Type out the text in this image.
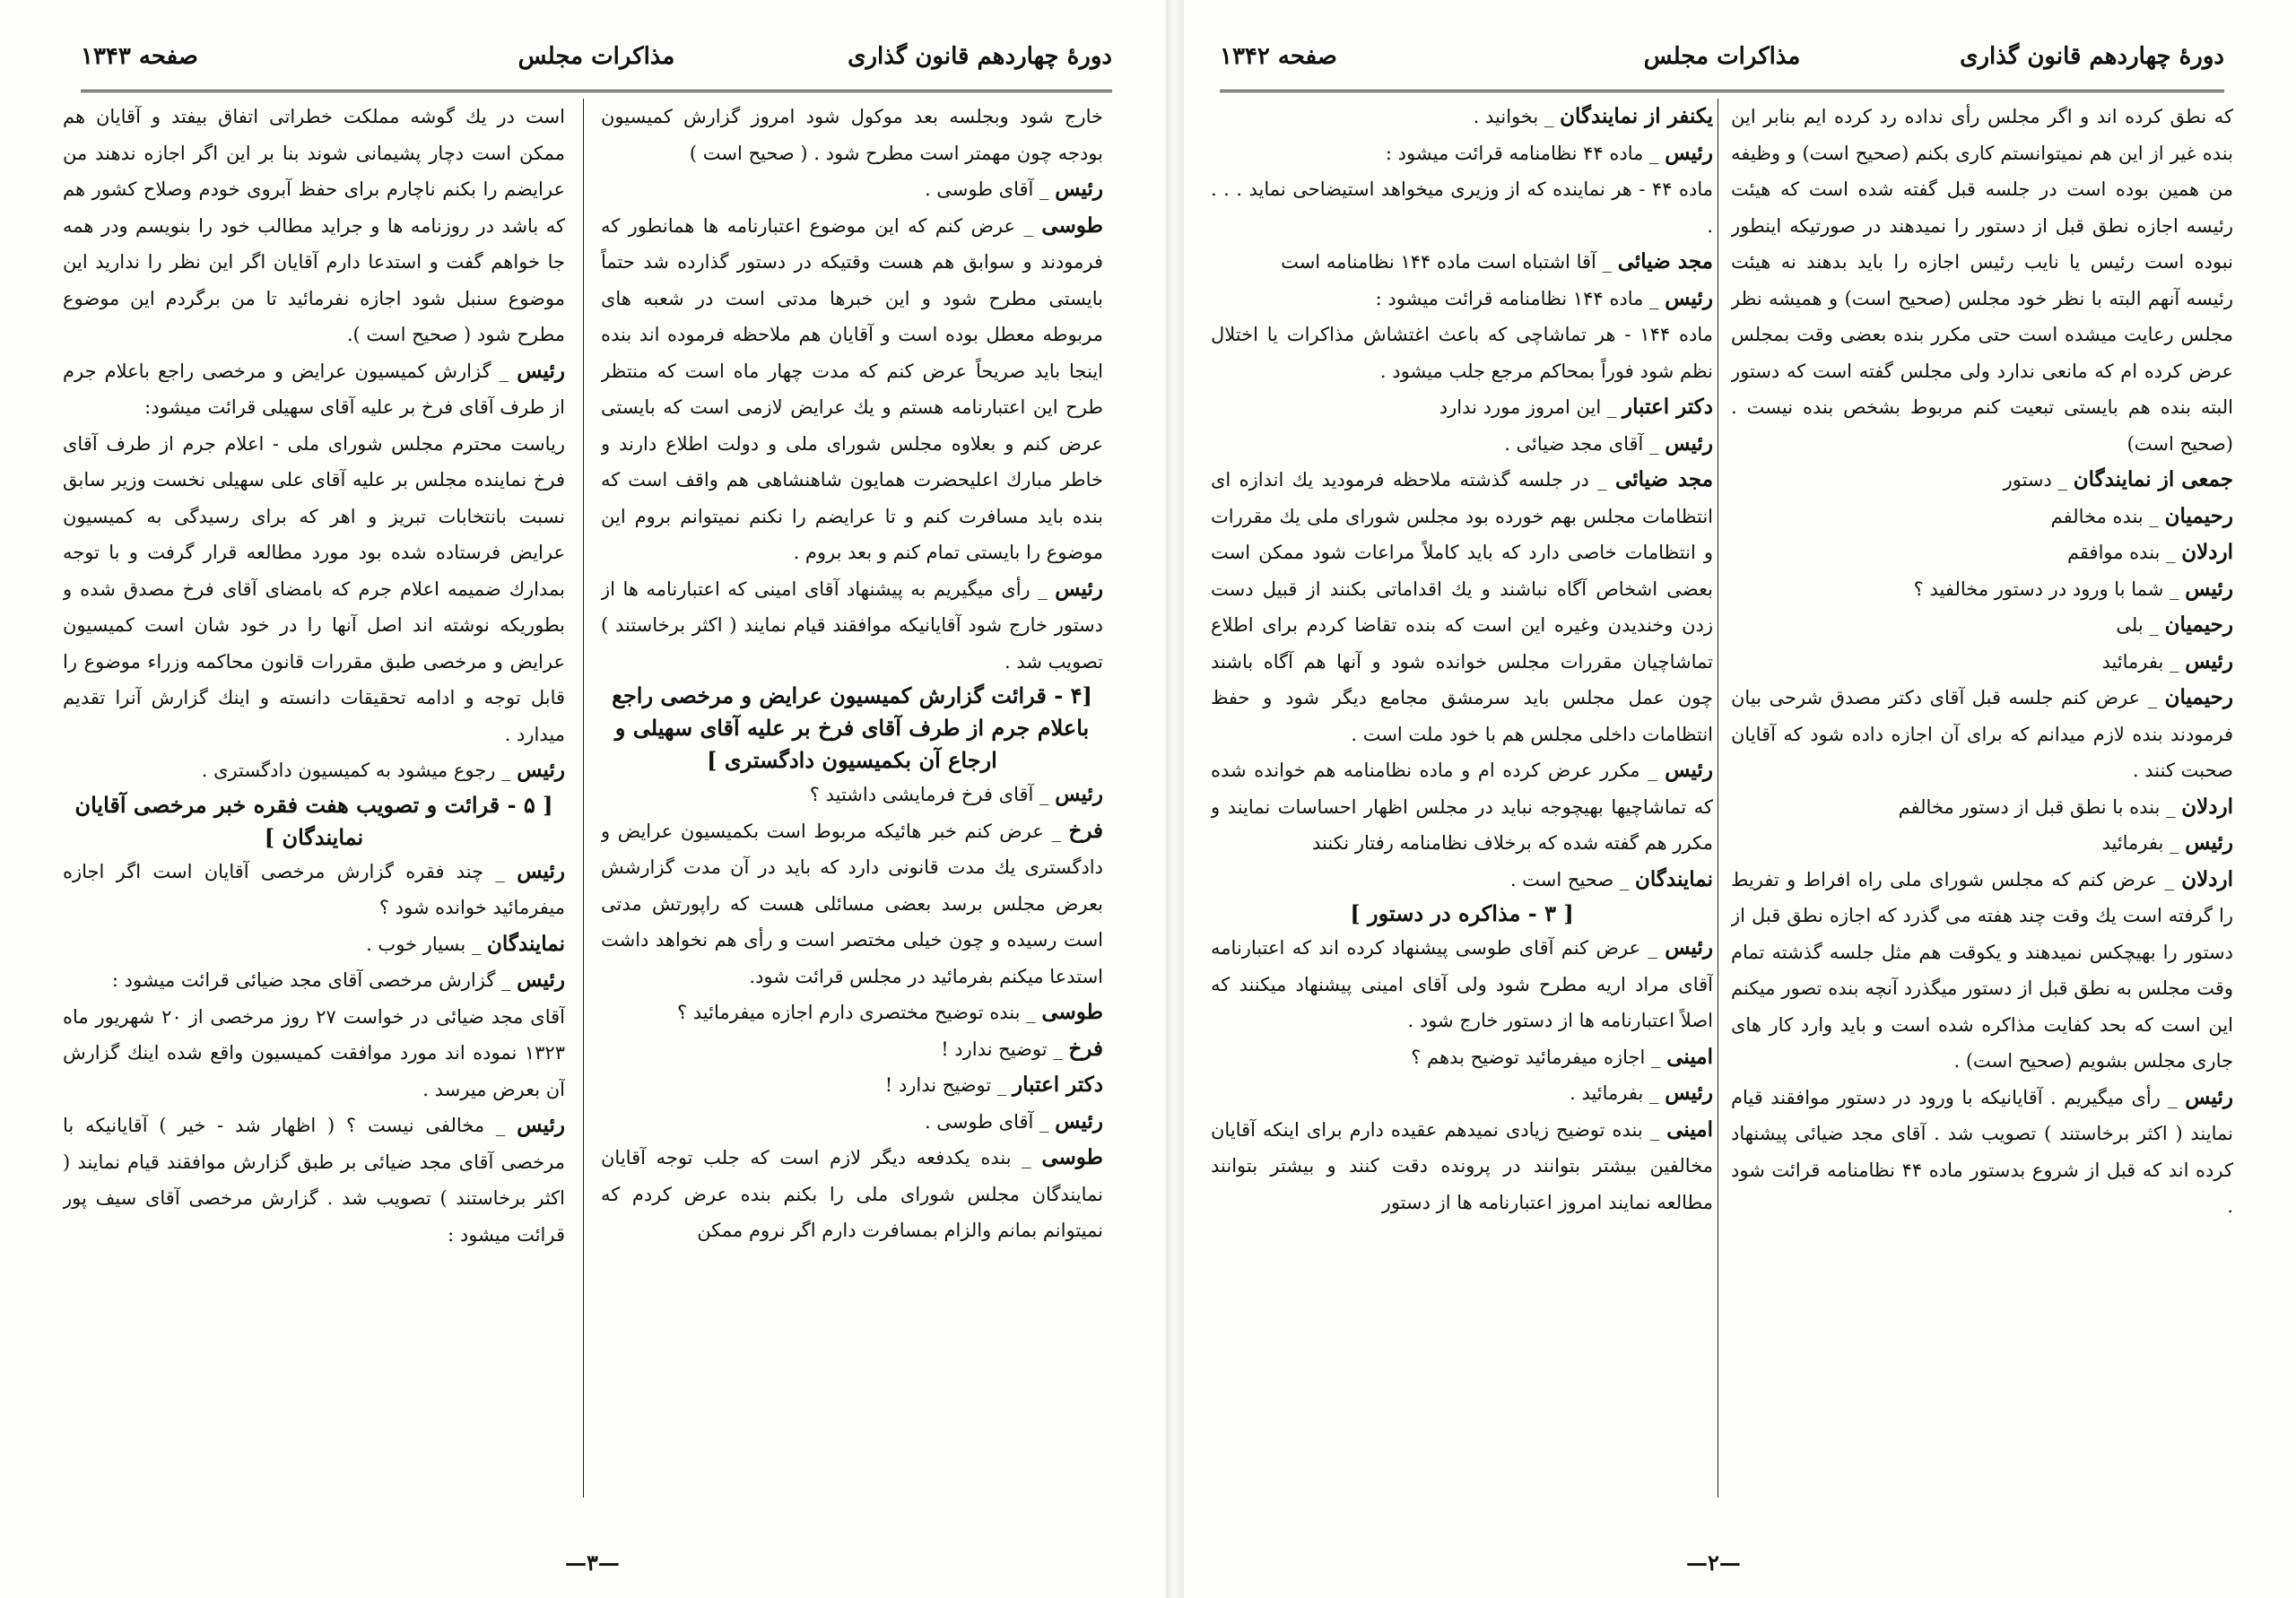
دورهٔ چهاردهم قانون گذاری
مذاکرات مجلس
صفحه ۱۳۴۳

خارج شود وبجلسه بعد موکول شود امروز گزارش کمیسیون بودجه چون مهمتر است مطرح شود . ( صحیح است )

رئیس _ آقای طوسی .

طوسی _ عرض کنم که این موضوع اعتبارنامه ها همانطور که فرمودند و سوابق هم هست وقتیکه در دستور گذارده شد حتماً بایستی مطرح شود و این خبرها مدتی است در شعبه های مربوطه معطل بوده است و آقایان هم ملاحظه فرموده اند بنده اینجا باید صریحاً عرض کنم که مدت چهار ماه است که منتظر طرح این اعتبارنامه هستم و یك عرایض لازمی است که بایستی عرض کنم و بعلاوه مجلس شورای ملی و دولت اطلاع دارند و خاطر مبارك اعلیحضرت همایون شاهنشاهی هم واقف است که بنده باید مسافرت کنم و تا عرایضم را نکنم نمیتوانم بروم این موضوع را بایستی تمام کنم و بعد بروم .

رئیس _ رأی میگیریم به پیشنهاد آقای امینی که اعتبارنامه ها از دستور خارج شود آقایانیکه موافقند قیام نمایند ( اکثر برخاستند ) تصویب شد .

[۴ - قرائت گزارش کمیسیون عرایض و مرخصی راجع باعلام جرم از طرف آقای فرخ بر علیه آقای سهیلی و ارجاع آن بکمیسیون دادگستری ]

رئیس _ آقای فرخ فرمایشی داشتید ؟

فرخ _ عرض کنم خبر هائیکه مربوط است بکمیسیون عرایض و دادگستری یك مدت قانونی دارد که باید در آن مدت گزارشش بعرض مجلس برسد بعضی مسائلی هست که راپورتش مدتی است رسیده و چون خیلی مختصر است و رأی هم نخواهد داشت استدعا میکنم بفرمائید در مجلس قرائت شود.

طوسی _ بنده توضیح مختصری دارم اجازه میفرمائید ؟

فرخ _ توضیح ندارد !

دکتر اعتبار _ توضیح ندارد !

رئیس _ آقای طوسی .

طوسی _ بنده یکدفعه دیگر لازم است که جلب توجه آقایان نمایندگان مجلس شورای ملی را بکنم بنده عرض کردم که نمیتوانم بمانم والزام بمسافرت دارم اگر نروم ممکن

است در یك گوشه مملکت خطراتی اتفاق بیفتد و آقایان هم ممکن است دچار پشیمانی شوند بنا بر این اگر اجازه ندهند من عرایضم را بکنم ناچارم برای حفظ آبروی خودم وصلاح کشور هم که باشد در روزنامه ها و جراید مطالب خود را بنویسم ودر همه جا خواهم گفت و استدعا دارم آقایان اگر این نظر را ندارید این موضوع سنبل شود اجازه نفرمائید تا من برگردم این موضوع مطرح شود ( صحیح است ).

رئیس _ گزارش کمیسیون عرایض و مرخصی راجع باعلام جرم از طرف آقای فرخ بر علیه آقای سهیلی قرائت میشود:

ریاست محترم مجلس شورای ملی - اعلام جرم از طرف آقای فرخ نماینده مجلس بر علیه آقای علی سهیلی نخست وزیر سابق نسبت بانتخابات تبریز و اهر که برای رسیدگی به کمیسیون عرایض فرستاده شده بود مورد مطالعه قرار گرفت و با توجه بمدارك ضمیمه اعلام جرم که بامضای آقای فرخ مصدق شده و بطوریکه نوشته اند اصل آنها را در خود شان است کمیسیون عرایض و مرخصی طبق مقررات قانون محاکمه وزراء موضوع را قابل توجه و ادامه تحقیقات دانسته و اینك گزارش آنرا تقدیم میدارد .

رئیس _ رجوع میشود به کمیسیون دادگستری .

[ ۵ - قرائت و تصویب هفت فقره خبر مرخصی آقایان نمایندگان ]

رئیس _ چند فقره گزارش مرخصی آقایان است اگر اجازه میفرمائید خوانده شود ؟

نمایندگان _ بسیار خوب .

رئیس _ گزارش مرخصی آقای مجد ضیائی قرائت میشود :

آقای مجد ضیائی در خواست ۲۷ روز مرخصی از ۲۰ شهریور ماه ۱۳۲۳ نموده اند مورد موافقت کمیسیون واقع شده اینك گزارش آن بعرض میرسد .

رئیس _ مخالفی نیست ؟ ( اظهار شد - خیر ) آقایانیکه با مرخصی آقای مجد ضیائی بر طبق گزارش موافقند قیام نمایند ( اکثر برخاستند ) تصویب شد . گزارش مرخصی آقای سیف پور قرائت میشود :

—۳—
دورهٔ چهاردهم قانون گذاری
مذاکرات مجلس
صفحه ۱۳۴۲

که نطق کرده اند و اگر مجلس رأی نداده رد کرده ایم بنابر این بنده غیر از این هم نمیتوانستم کاری بکنم (صحیح است) و وظیفه من همین بوده است در جلسه قبل گفته شده است که هیئت رئیسه اجازه نطق قبل از دستور را نمیدهند در صورتیکه اینطور نبوده است رئیس یا نایب رئیس اجازه را باید بدهند نه هیئت رئیسه آنهم البته با نظر خود مجلس (صحیح است) و همیشه نظر مجلس رعایت میشده است حتی مکرر بنده بعضی وقت بمجلس عرض کرده ام که مانعی ندارد ولی مجلس گفته است که دستور البته بنده هم بایستی تبعیت کنم مربوط بشخص بنده نیست . (صحیح است)

جمعی از نمایندگان _ دستور

رحیمیان _ بنده مخالفم

اردلان _ بنده موافقم

رئیس _ شما با ورود در دستور مخالفید ؟

رحیمیان _ بلی

رئیس _ بفرمائید

رحیمیان _ عرض کنم جلسه قبل آقای دکتر مصدق شرحی بیان فرمودند بنده لازم میدانم که برای آن اجازه داده شود که آقایان صحبت کنند .

اردلان _ بنده با نطق قبل از دستور مخالفم

رئیس _ بفرمائید

اردلان _ عرض کنم که مجلس شورای ملی راه افراط و تفریط را گرفته است یك وقت چند هفته می گذرد که اجازه نطق قبل از دستور را بهیچکس نمیدهند و یکوقت هم مثل جلسه گذشته تمام وقت مجلس به نطق قبل از دستور میگذرد آنچه بنده تصور میکنم این است که بحد کفایت مذاکره شده است و باید وارد کار های جاری مجلس بشویم (صحیح است) .

رئیس _ رأی میگیریم . آقایانیکه با ورود در دستور موافقند قیام نمایند ( اکثر برخاستند ) تصویب شد . آقای مجد ضیائی پیشنهاد کرده اند که قبل از شروع بدستور ماده ۴۴ نظامنامه قرائت شود .

یکنفر از نمایندگان _ بخوانید .

رئیس _ ماده ۴۴ نظامنامه قرائت میشود :

ماده ۴۴ - هر نماینده که از وزیری میخواهد استیضاحی نماید . . . .

مجد ضیائی _ آقا اشتباه است ماده ۱۴۴ نظامنامه است

رئیس _ ماده ۱۴۴ نظامنامه قرائت میشود :

ماده ۱۴۴ - هر تماشاچی که باعث اغتشاش مذاکرات یا اختلال نظم شود فوراً بمحاکم مرجع جلب میشود .

دکتر اعتبار _ این امروز مورد ندارد

رئیس _ آقای مجد ضیائی .

مجد ضیائی _ در جلسه گذشته ملاحظه فرمودید یك اندازه ای انتظامات مجلس بهم خورده بود مجلس شورای ملی یك مقررات و انتظامات خاصی دارد که باید کاملاً مراعات شود ممکن است بعضی اشخاص آگاه نباشند و یك اقداماتی بکنند از قبیل دست زدن وخندیدن وغیره این است که بنده تقاضا کردم برای اطلاع تماشاچیان مقررات مجلس خوانده شود و آنها هم آگاه باشند چون عمل مجلس باید سرمشق مجامع دیگر شود و حفظ انتظامات داخلی مجلس هم با خود ملت است .

رئیس _ مکرر عرض کرده ام و ماده نظامنامه هم خوانده شده که تماشاچیها بهیچوجه نباید در مجلس اظهار احساسات نمایند و مکرر هم گفته شده که برخلاف نظامنامه رفتار نکنند

نمایندگان _ صحیح است .

[ ۳ - مذاکره در دستور ]

رئیس _ عرض کنم آقای طوسی پیشنهاد کرده اند که اعتبارنامه آقای مراد اریه مطرح شود ولی آقای امینی پیشنهاد میکنند که اصلاً اعتبارنامه ها از دستور خارج شود .

امینی _ اجازه میفرمائید توضیح بدهم ؟

رئیس _ بفرمائید .

امینی _ بنده توضیح زیادی نمیدهم عقیده دارم برای اینکه آقایان مخالفین بیشتر بتوانند در پرونده دقت کنند و بیشتر بتوانند مطالعه نمایند امروز اعتبارنامه ها از دستور

—۲—
